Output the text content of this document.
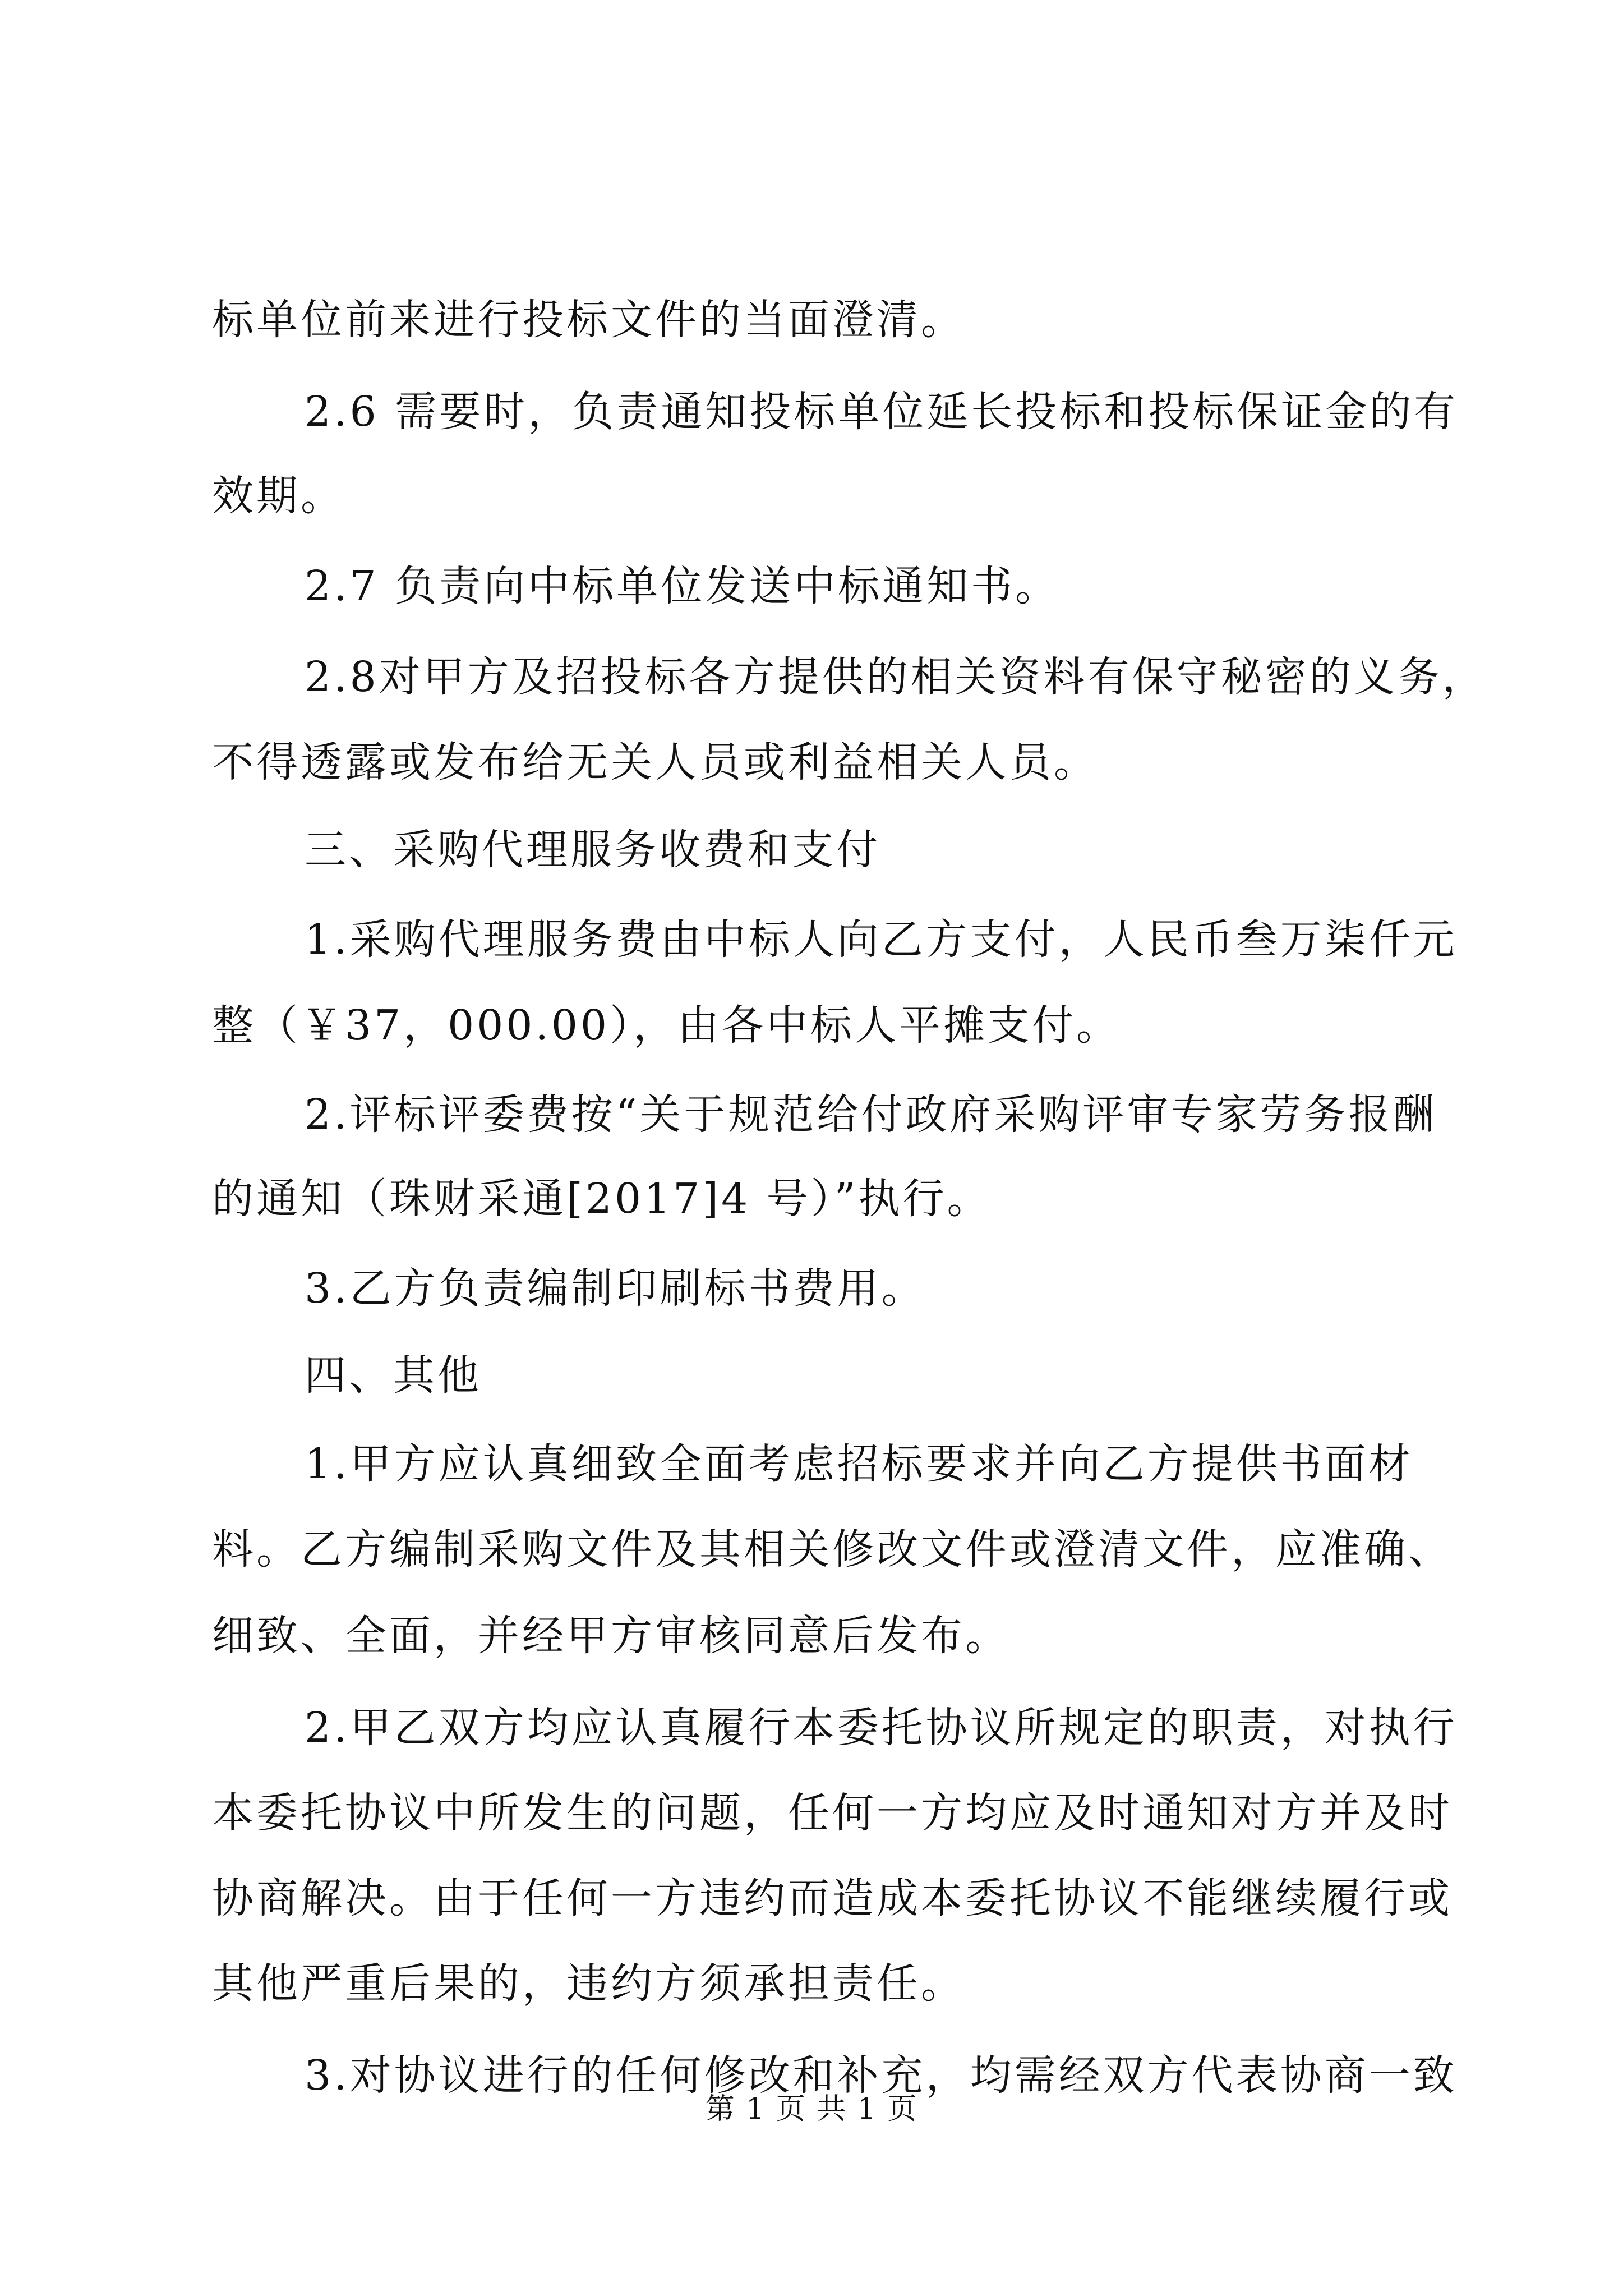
标单位前来进行投标文件的当面澄清。
2.6 需要时，负责通知投标单位延长投标和投标保证金的有
效期。
2.7 负责向中标单位发送中标通知书。
2.8对甲方及招投标各方提供的相关资料有保守秘密的义务，
不得透露或发布给无关人员或利益相关人员。
三、采购代理服务收费和支付
1.采购代理服务费由中标人向乙方支付，人民币叁万柒仟元
整（￥37，000.00），由各中标人平摊支付。
2.评标评委费按“关于规范给付政府采购评审专家劳务报酬
的通知（珠财采通[2017]4 号）”执行。
3.乙方负责编制印刷标书费用。
四、其他
1.甲方应认真细致全面考虑招标要求并向乙方提供书面材
料。乙方编制采购文件及其相关修改文件或澄清文件，应准确、
细致、全面，并经甲方审核同意后发布。
2.甲乙双方均应认真履行本委托协议所规定的职责，对执行
本委托协议中所发生的问题，任何一方均应及时通知对方并及时
协商解决。由于任何一方违约而造成本委托协议不能继续履行或
其他严重后果的，违约方须承担责任。
3.对协议进行的任何修改和补充，均需经双方代表协商一致
第 1 页 共 1 页
